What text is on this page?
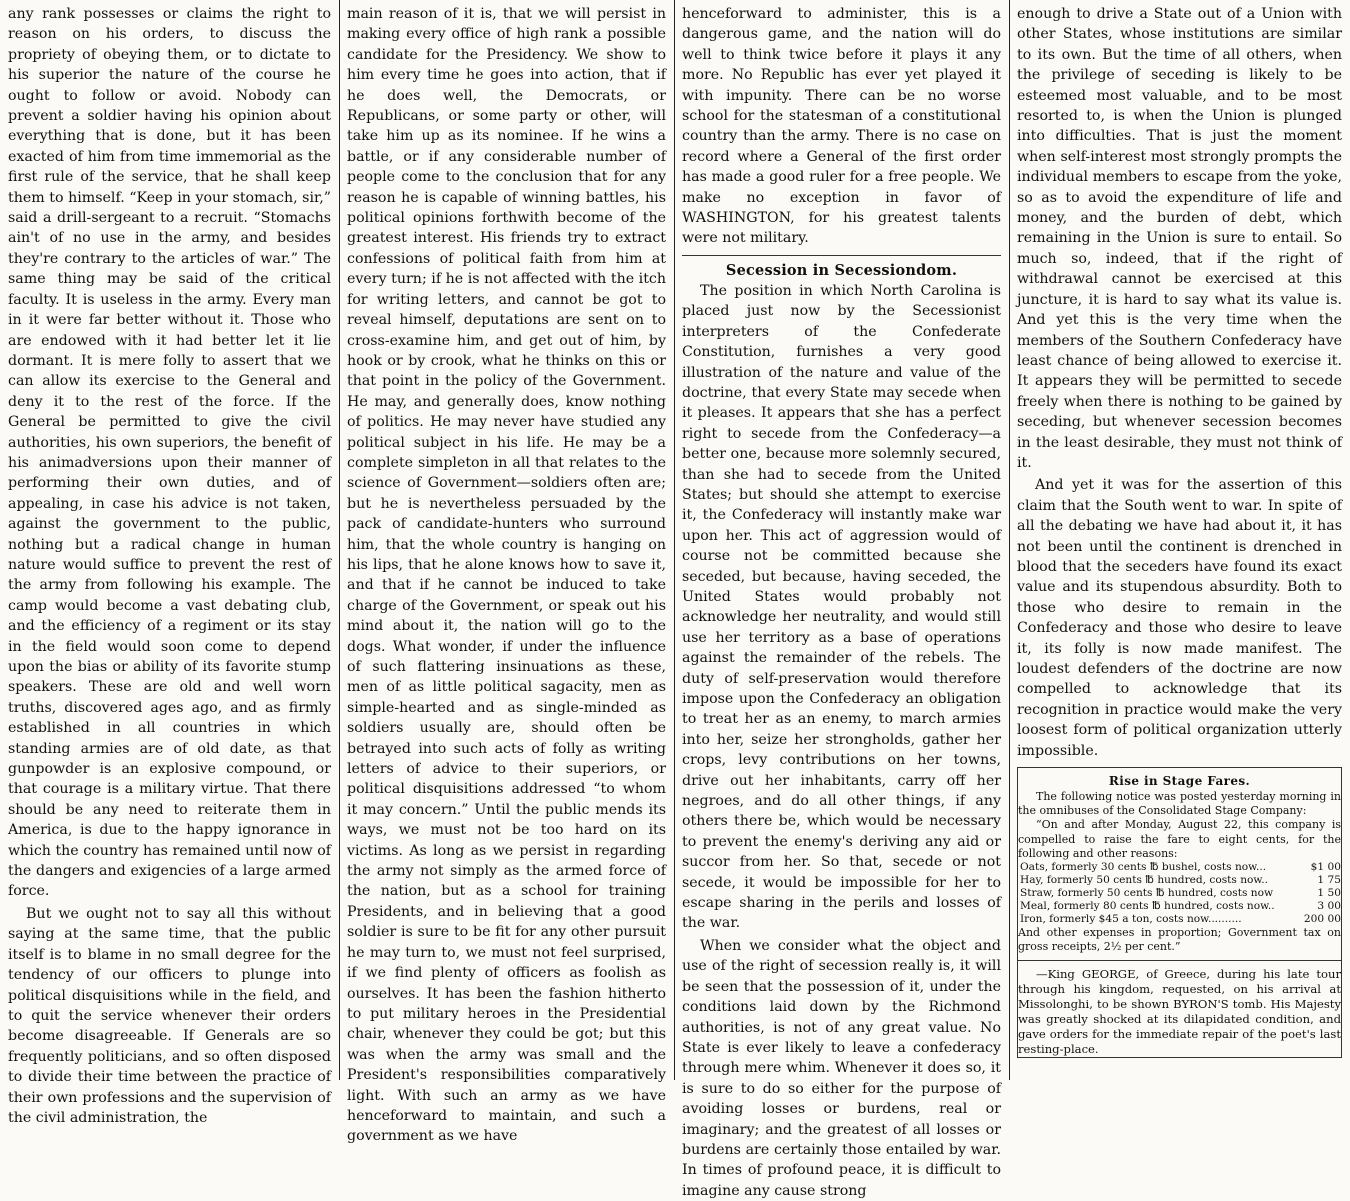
any rank possesses or claims the right to reason on his orders, to discuss the propriety of obeying them, or to dictate to his superior the nature of the course he ought to follow or avoid. Nobody can prevent a soldier having his opinion about everything that is done, but it has been exacted of him from time immemorial as the first rule of the service, that he shall keep them to himself. “Keep in your stomach, sir,” said a drill-sergeant to a recruit. “Stomachs ain't of no use in the army, and besides they're contrary to the articles of war.” The same thing may be said of the critical faculty. It is useless in the army. Every man in it were far better without it. Those who are endowed with it had better let it lie dormant. It is mere folly to assert that we can allow its exercise to the General and deny it to the rest of the force. If the General be permitted to give the civil authorities, his own superiors, the benefit of his animadversions upon their manner of performing their own duties, and of appealing, in case his advice is not taken, against the government to the public, nothing but a radical change in human nature would suffice to prevent the rest of the army from following his example. The camp would become a vast debating club, and the efficiency of a regiment or its stay in the field would soon come to depend upon the bias or ability of its favorite stump speakers. These are old and well worn truths, discovered ages ago, and as firmly established in all countries in which standing armies are of old date, as that gunpowder is an explosive compound, or that courage is a military virtue. That there should be any need to reiterate them in America, is due to the happy ignorance in which the country has remained until now of the dangers and exigencies of a large armed force.

But we ought not to say all this without saying at the same time, that the public itself is to blame in no small degree for the tendency of our officers to plunge into political disquisitions while in the field, and to quit the service whenever their orders become disagreeable. If Generals are so frequently politicians, and so often disposed to divide their time between the practice of their own professions and the supervision of the civil administration, the

main reason of it is, that we will persist in making every office of high rank a possible candidate for the Presidency. We show to him every time he goes into action, that if he does well, the Democrats, or Republicans, or some party or other, will take him up as its nominee. If he wins a battle, or if any considerable number of people come to the conclusion that for any reason he is capable of winning battles, his political opinions forthwith become of the greatest interest. His friends try to extract confessions of political faith from him at every turn; if he is not affected with the itch for writing letters, and cannot be got to reveal himself, deputations are sent on to cross-examine him, and get out of him, by hook or by crook, what he thinks on this or that point in the policy of the Government. He may, and generally does, know nothing of politics. He may never have studied any political subject in his life. He may be a complete simpleton in all that relates to the science of Government—soldiers often are; but he is nevertheless persuaded by the pack of candidate-hunters who surround him, that the whole country is hanging on his lips, that he alone knows how to save it, and that if he cannot be induced to take charge of the Government, or speak out his mind about it, the nation will go to the dogs. What wonder, if under the influence of such flattering insinuations as these, men of as little political sagacity, men as simple-hearted and as single-minded as soldiers usually are, should often be betrayed into such acts of folly as writing letters of advice to their superiors, or political disquisitions addressed “to whom it may concern.” Until the public mends its ways, we must not be too hard on its victims. As long as we persist in regarding the army not simply as the armed force of the nation, but as a school for training Presidents, and in believing that a good soldier is sure to be fit for any other pursuit he may turn to, we must not feel surprised, if we find plenty of officers as foolish as ourselves. It has been the fashion hitherto to put military heroes in the Presidential chair, whenever they could be got; but this was when the army was small and the President's responsibilities comparatively light. With such an army as we have henceforward to maintain, and such a government as we have

henceforward to administer, this is a dangerous game, and the nation will do well to think twice before it plays it any more. No Republic has ever yet played it with impunity. There can be no worse school for the statesman of a constitutional country than the army. There is no case on record where a General of the first order has made a good ruler for a free people. We make no exception in favor of WASHINGTON, for his greatest talents were not military.

Secession in Secessiondom.

The position in which North Carolina is placed just now by the Secessionist interpreters of the Confederate Constitution, furnishes a very good illustration of the nature and value of the doctrine, that every State may secede when it pleases. It appears that she has a perfect right to secede from the Confederacy—a better one, because more solemnly secured, than she had to secede from the United States; but should she attempt to exercise it, the Confederacy will instantly make war upon her. This act of aggression would of course not be committed because she seceded, but because, having seceded, the United States would probably not acknowledge her neutrality, and would still use her territory as a base of operations against the remainder of the rebels. The duty of self-preservation would therefore impose upon the Confederacy an obligation to treat her as an enemy, to march armies into her, seize her strongholds, gather her crops, levy contributions on her towns, drive out her inhabitants, carry off her negroes, and do all other things, if any others there be, which would be necessary to prevent the enemy's deriving any aid or succor from her. So that, secede or not secede, it would be impossible for her to escape sharing in the perils and losses of the war.

When we consider what the object and use of the right of secession really is, it will be seen that the possession of it, under the conditions laid down by the Richmond authorities, is not of any great value. No State is ever likely to leave a confederacy through mere whim. Whenever it does so, it is sure to do so either for the purpose of avoiding losses or burdens, real or imaginary; and the greatest of all losses or burdens are certainly those entailed by war. In times of profound peace, it is difficult to imagine any cause strong

enough to drive a State out of a Union with other States, whose institutions are similar to its own. But the time of all others, when the privilege of seceding is likely to be esteemed most valuable, and to be most resorted to, is when the Union is plunged into difficulties. That is just the moment when self-interest most strongly prompts the individual members to escape from the yoke, so as to avoid the expenditure of life and money, and the burden of debt, which remaining in the Union is sure to entail. So much so, indeed, that if the right of withdrawal cannot be exercised at this juncture, it is hard to say what its value is. And yet this is the very time when the members of the Southern Confederacy have least chance of being allowed to exercise it. It appears they will be permitted to secede freely when there is nothing to be gained by seceding, but whenever secession becomes in the least desirable, they must not think of it.

And yet it was for the assertion of this claim that the South went to war. In spite of all the debating we have had about it, it has not been until the continent is drenched in blood that the seceders have found its exact value and its stupendous absurdity. Both to those who desire to remain in the Confederacy and those who desire to leave it, its folly is now made manifest. The loudest defenders of the doctrine are now compelled to acknowledge that its recognition in practice would make the very loosest form of political organization utterly impossible.

Rise in Stage Fares.

The following notice was posted yesterday morning in the omnibuses of the Consolidated Stage Company:

“On and after Monday, August 22, this company is compelled to raise the fare to eight cents, for the following and other reasons:

Oats, formerly 30 cents ℔ bushel, costs now...	$1 00
Hay, formerly 50 cents ℔ hundred, costs now..	1 75
Straw, formerly 50 cents ℔ hundred, costs now	1 50
Meal, formerly 80 cents ℔ hundred, costs now..	3 00
Iron, formerly $45 a ton, costs now..........	200 00

And other expenses in proportion; Government tax on gross receipts, 2½ per cent.”

—King GEORGE, of Greece, during his late tour through his kingdom, requested, on his arrival at Missolonghi, to be shown BYRON'S tomb. His Majesty was greatly shocked at its dilapidated condition, and gave orders for the immediate repair of the poet's last resting-place.
